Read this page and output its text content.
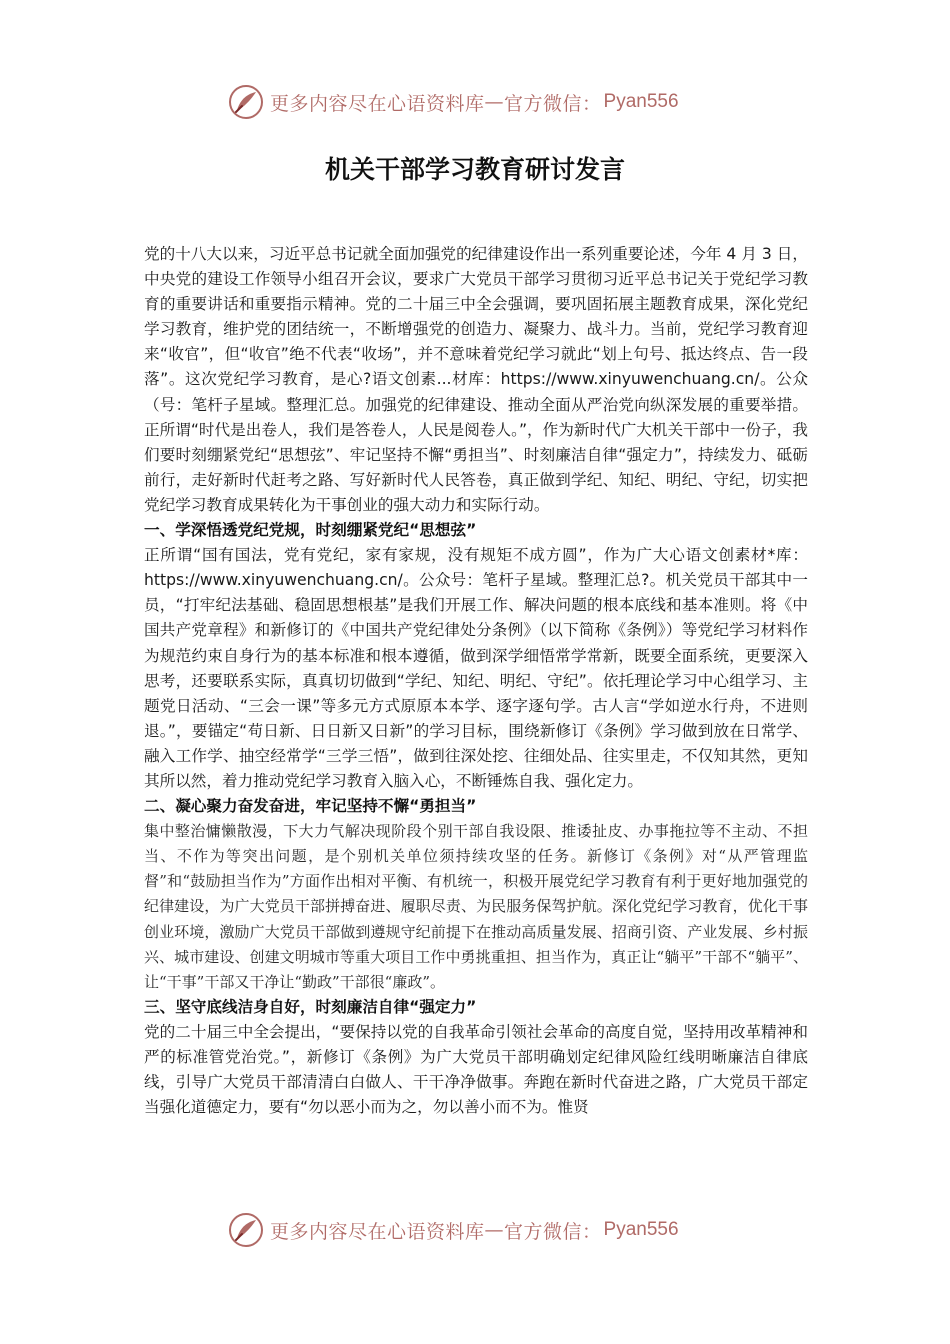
更多内容尽在心语资料库 — 官方微信： Pyan556
机关干部学习教育研讨发言

党的十八大以来，习近平总书记就全面加强党的纪律建设作出一系列重要论述，今年 4 月 3 日，中央党的建设工作领导小组召开会议，要求广大党员干部学习贯彻习近平总书记关于党纪学习教育的重要讲话和重要指示精神。党的二十届三中全会强调，要巩固拓展主题教育成果，深化党纪学习教育，维护党的团结统一，不断增强党的创造力、凝聚力、战斗力。当前，党纪学习教育迎来“收官”，但“收官”绝不代表“收场”，并不意味着党纪学习就此“划上句号、抵达终点、告一段落”。这次党纪学习教育，是心?语文创素...材库：https://www.xinyuwenchuang.cn/。公众（号：笔杆子星域。整理汇总。加强党的纪律建设、推动全面从严治党向纵深发展的重要举措。正所谓“时代是出卷人，我们是答卷人，人民是阅卷人。”，作为新时代广大机关干部中一份子，我们要时刻绷紧党纪“思想弦”、牢记坚持不懈“勇担当”、时刻廉洁自律“强定力”，持续发力、砥砺前行，走好新时代赶考之路、写好新时代人民答卷，真正做到学纪、知纪、明纪、守纪，切实把党纪学习教育成果转化为干事创业的强大动力和实际行动。

一、学深悟透党纪党规，时刻绷紧党纪“思想弦”

正所谓“国有国法，党有党纪，家有家规，没有规矩不成方圆”，作为广大心语文创素材*库：https://www.xinyuwenchuang.cn/。公众号：笔杆子星域。整理汇总?。机关党员干部其中一员，“打牢纪法基础、稳固思想根基”是我们开展工作、解决问题的根本底线和基本准则。将《中国共产党章程》和新修订的《中国共产党纪律处分条例》（以下简称《条例》）等党纪学习材料作为规范约束自身行为的基本标准和根本遵循，做到深学细悟常学常新，既要全面系统，更要深入思考，还要联系实际，真真切切做到“学纪、知纪、明纪、守纪”。依托理论学习中心组学习、主题党日活动、“三会一课”等多元方式原原本本学、逐字逐句学。古人言“学如逆水行舟，不进则退。”，要锚定“苟日新、日日新又日新”的学习目标，围绕新修订《条例》学习做到放在日常学、融入工作学、抽空经常学“三学三悟”，做到往深处挖、往细处品、往实里走，不仅知其然，更知其所以然，着力推动党纪学习教育入脑入心，不断锤炼自我、强化定力。

二、凝心聚力奋发奋进，牢记坚持不懈“勇担当”

集中整治慵懒散漫，下大力气解决现阶段个别干部自我设限、推诿扯皮、办事拖拉等不主动、不担当、不作为等突出问题，是个别机关单位须持续攻坚的任务。新修订《条例》对“从严管理监督”和“鼓励担当作为”方面作出相对平衡、有机统一，积极开展党纪学习教育有利于更好地加强党的纪律建设，为广大党员干部拼搏奋进、履职尽责、为民服务保驾护航。深化党纪学习教育，优化干事创业环境，激励广大党员干部做到遵规守纪前提下在推动高质量发展、招商引资、产业发展、乡村振兴、城市建设、创建文明城市等重大项目工作中勇挑重担、担当作为，真正让“躺平”干部不“躺平”、让“干事”干部又干净让“勤政”干部很“廉政”。

三、坚守底线洁身自好，时刻廉洁自律“强定力”

党的二十届三中全会提出，“要保持以党的自我革命引领社会革命的高度自觉，坚持用改革精神和严的标准管党治党。”，新修订《条例》为广大党员干部明确划定纪律风险红线明晰廉洁自律底线，引导广大党员干部清清白白做人、干干净净做事。奔跑在新时代奋进之路，广大党员干部定当强化道德定力，要有“勿以恶小而为之，勿以善小而不为。惟贤

更多内容尽在心语资料库 — 官方微信： Pyan556
